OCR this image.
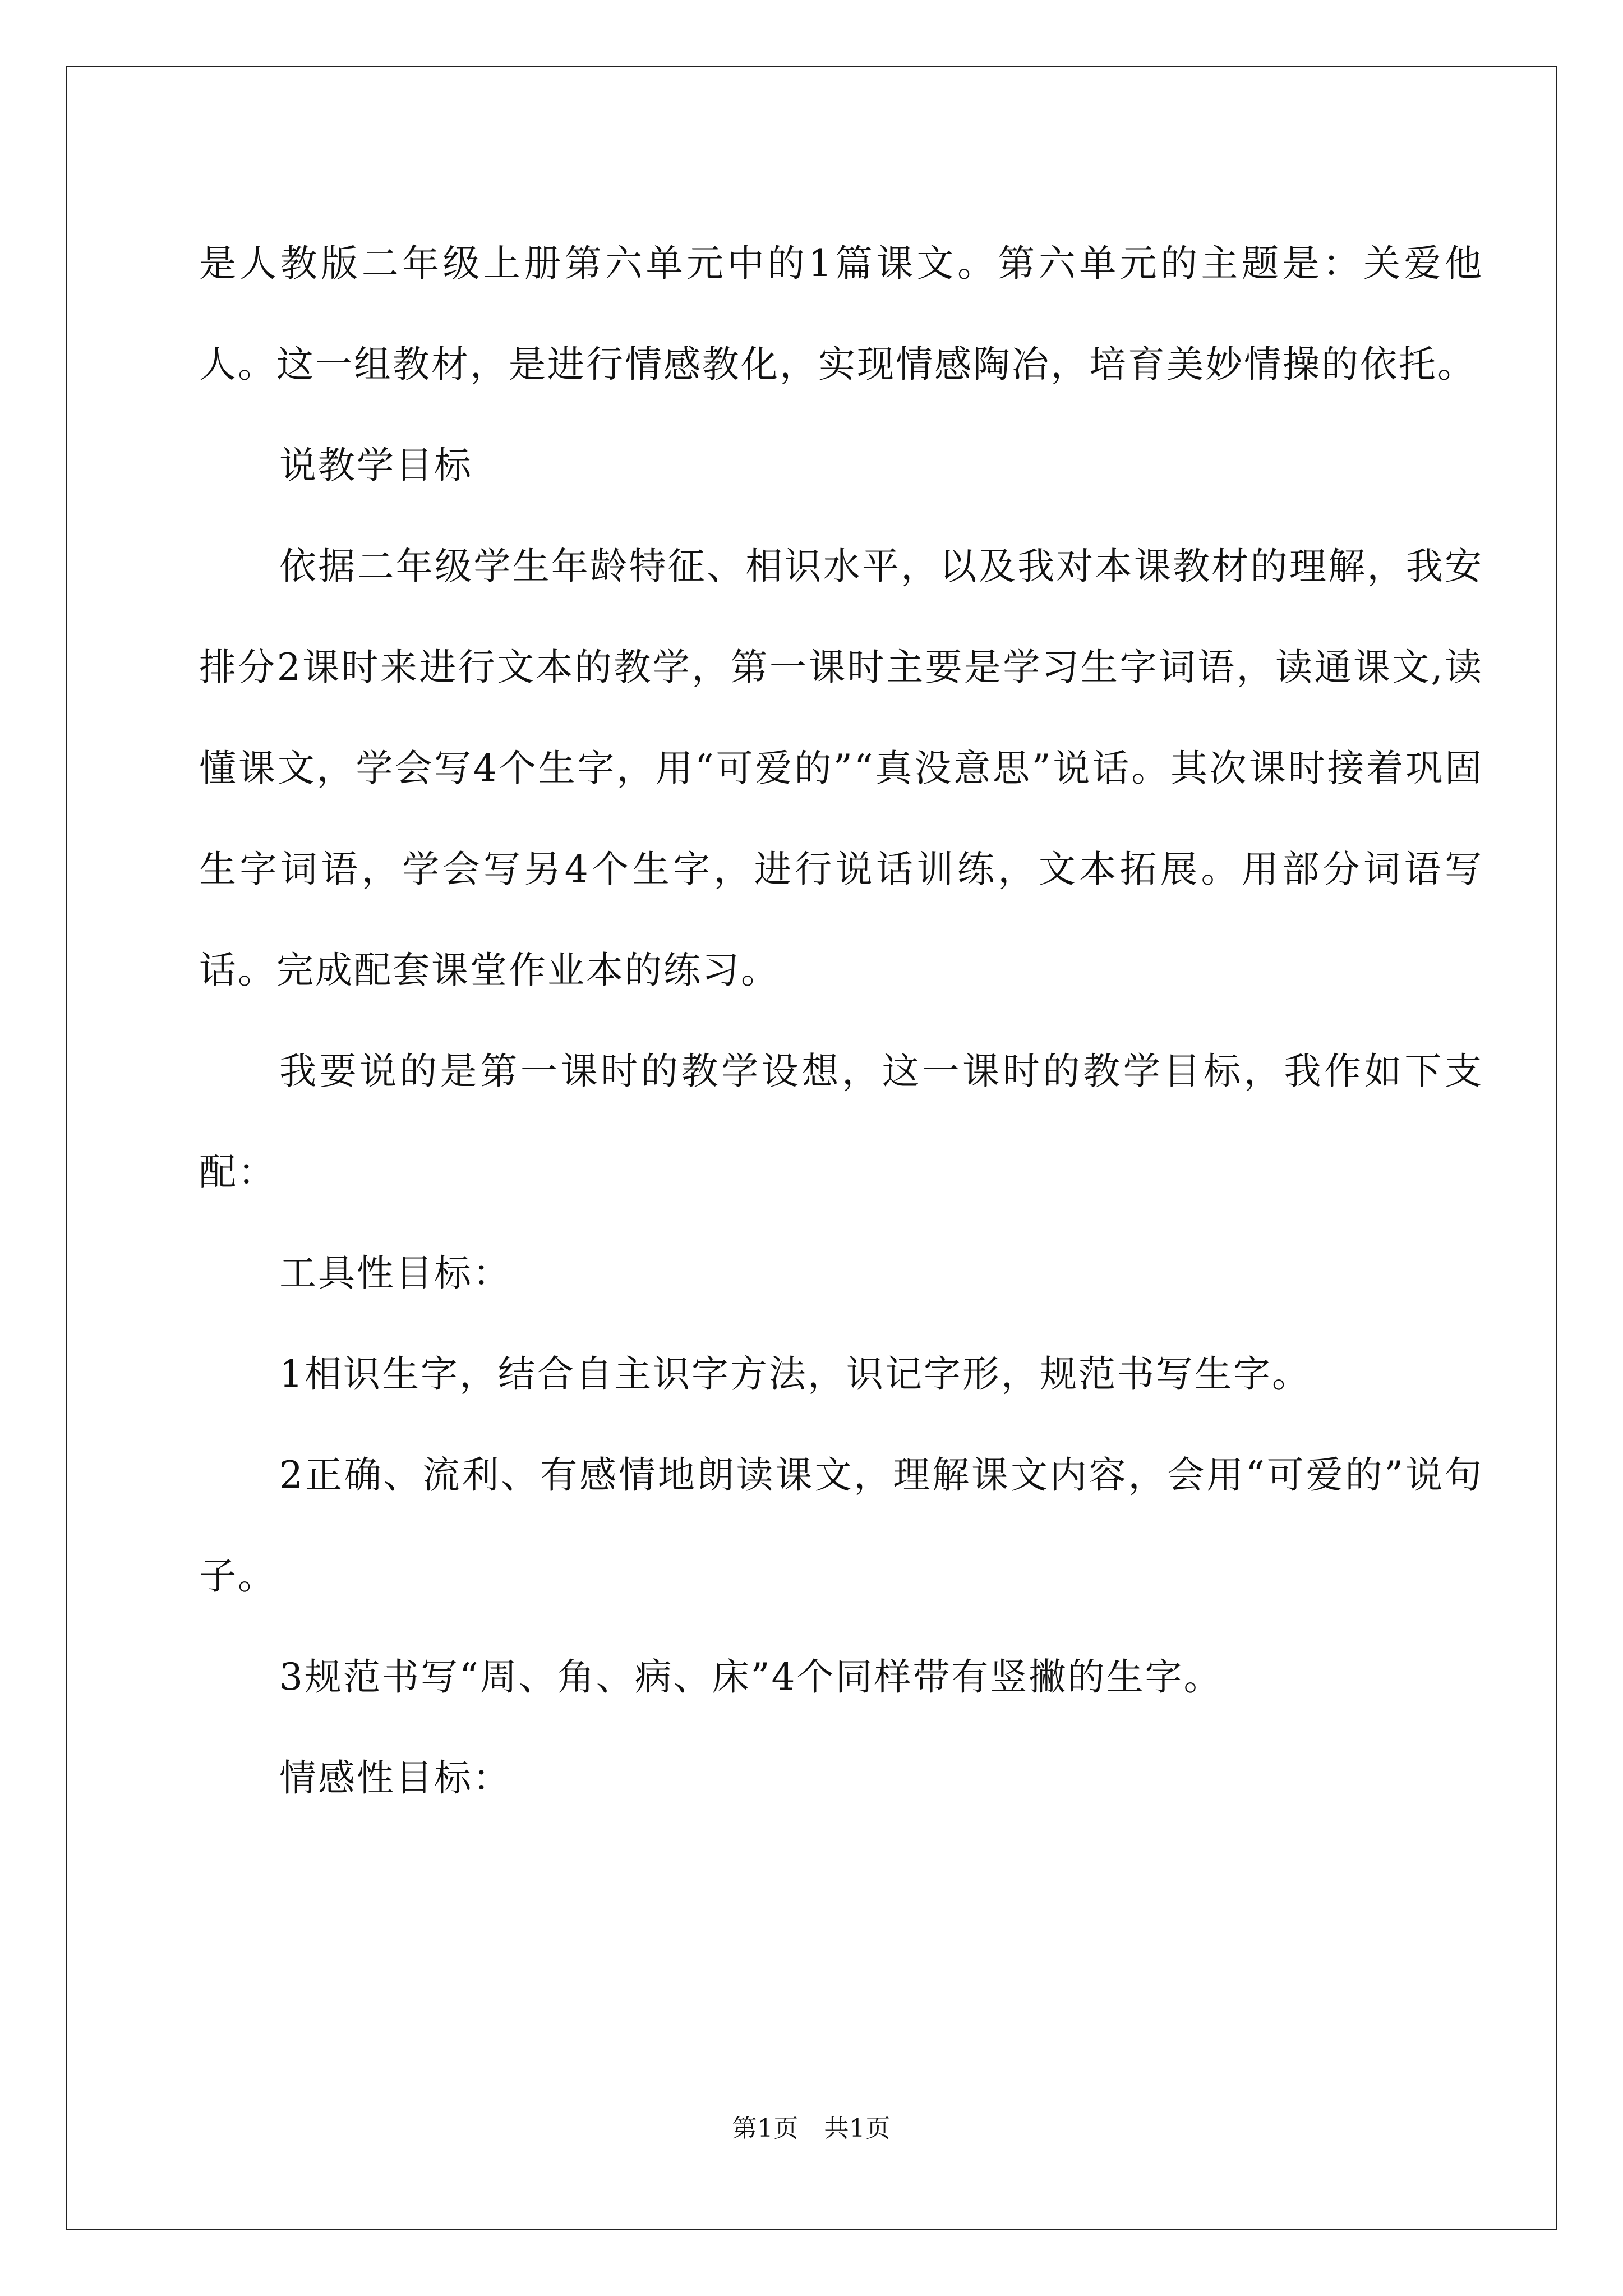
是人教版二年级上册第六单元中的1篇课文。第六单元的主题是：关爱他人。这一组教材，是进行情感教化，实现情感陶冶，培育美妙情操的依托。

说教学目标

依据二年级学生年龄特征、相识水平，以及我对本课教材的理解，我安排分2课时来进行文本的教学，第一课时主要是学习生字词语，读通课文,读懂课文，学会写4个生字，用“可爱的”“真没意思”说话。其次课时接着巩固生字词语，学会写另4个生字，进行说话训练，文本拓展。用部分词语写话。完成配套课堂作业本的练习。

我要说的是第一课时的教学设想，这一课时的教学目标，我作如下支配：

工具性目标：

1相识生字，结合自主识字方法，识记字形，规范书写生字。

2正确、流利、有感情地朗读课文，理解课文内容，会用“可爱的”说句子。

3规范书写“周、角、病、床”4个同样带有竖撇的生字。

情感性目标：

第1页　共1页
